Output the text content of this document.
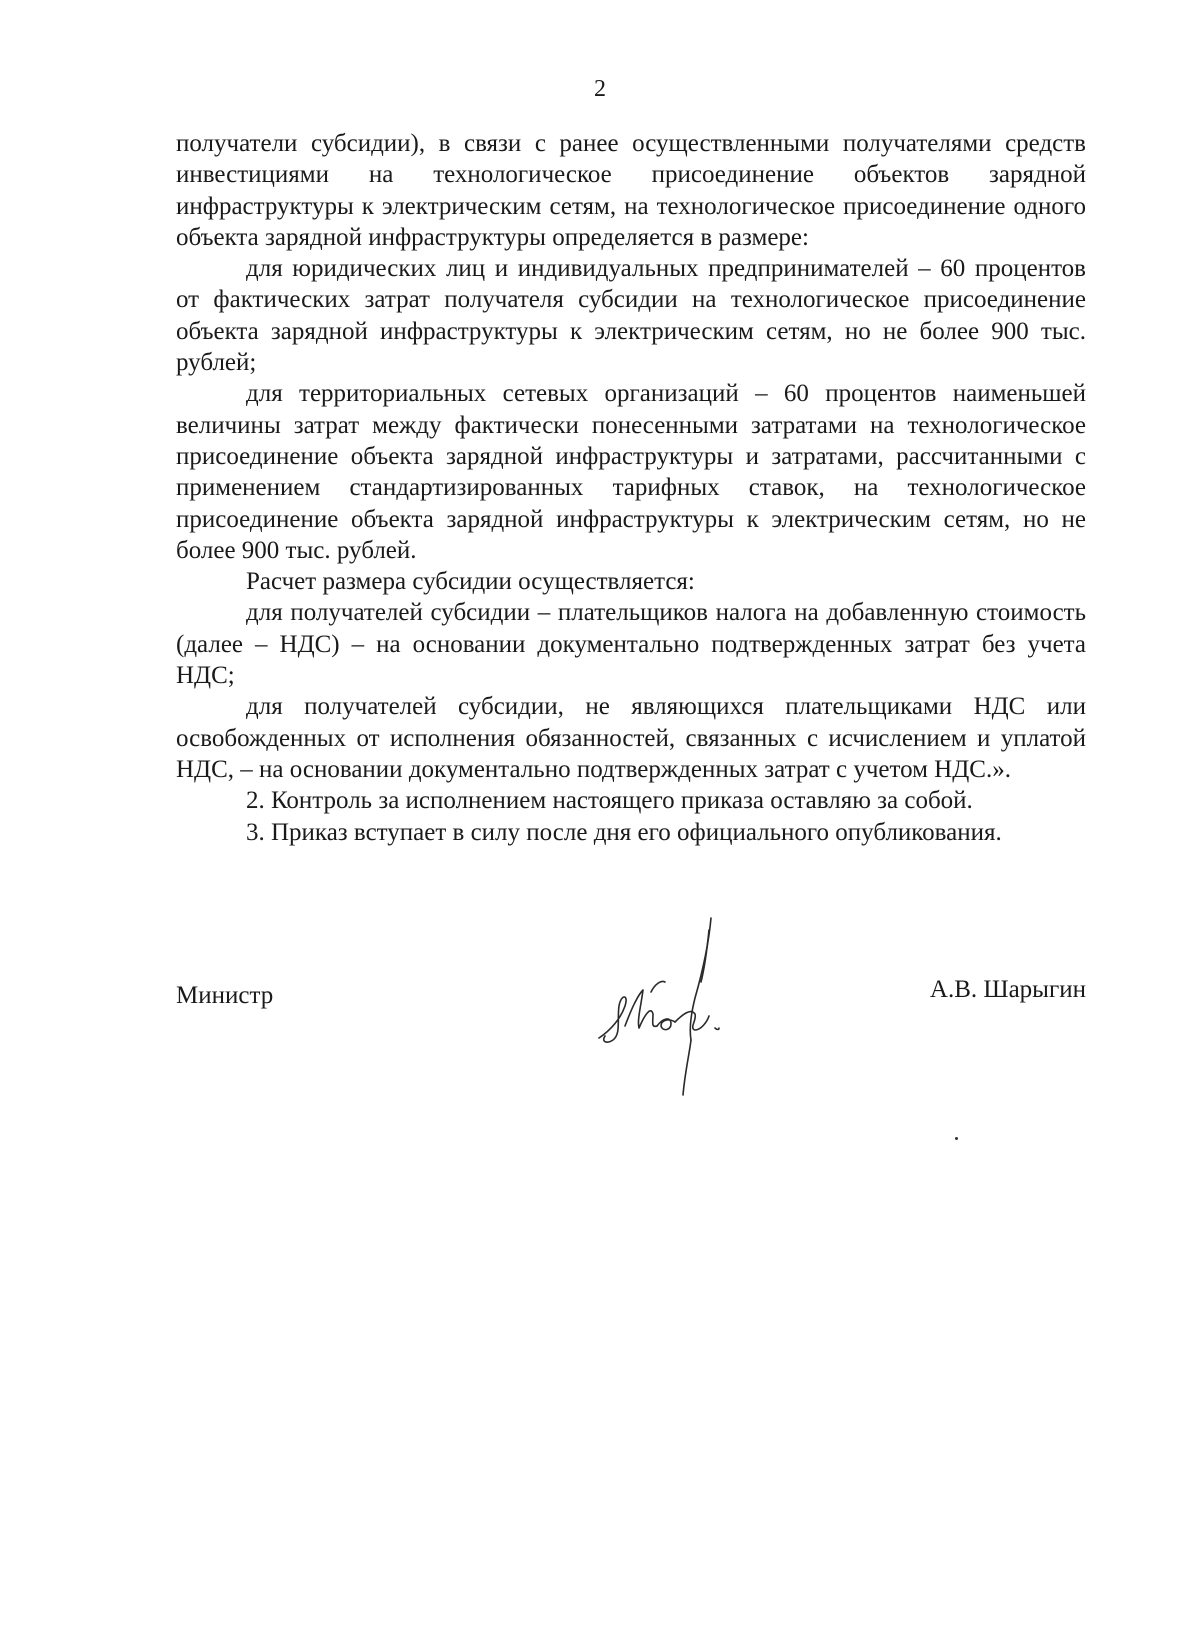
2

получатели субсидии), в связи с ранее осуществленными получателями средств инвестициями на технологическое присоединение объектов зарядной инфраструктуры к электрическим сетям, на технологическое присоединение одного объекта зарядной инфраструктуры определяется в размере:

для юридических лиц и индивидуальных предпринимателей – 60 процентов от фактических затрат получателя субсидии на технологическое присоединение объекта зарядной инфраструктуры к электрическим сетям, но не более 900 тыс. рублей;

для территориальных сетевых организаций – 60 процентов наименьшей величины затрат между фактически понесенными затратами на технологическое присоединение объекта зарядной инфраструктуры и затратами, рассчитанными с применением стандартизированных тарифных ставок, на технологическое присоединение объекта зарядной инфраструктуры к электрическим сетям, но не более 900 тыс. рублей.

Расчет размера субсидии осуществляется:

для получателей субсидии – плательщиков налога на добавленную стоимость (далее – НДС) – на основании документально подтвержденных затрат без учета НДС;

для получателей субсидии, не являющихся плательщиками НДС или освобожденных от исполнения обязанностей, связанных с исчислением и уплатой НДС, – на основании документально подтвержденных затрат с учетом НДС.».

2. Контроль за исполнением настоящего приказа оставляю за собой.

3. Приказ вступает в силу после дня его официального опубликования.

Министр	А.В. Шарыгин
